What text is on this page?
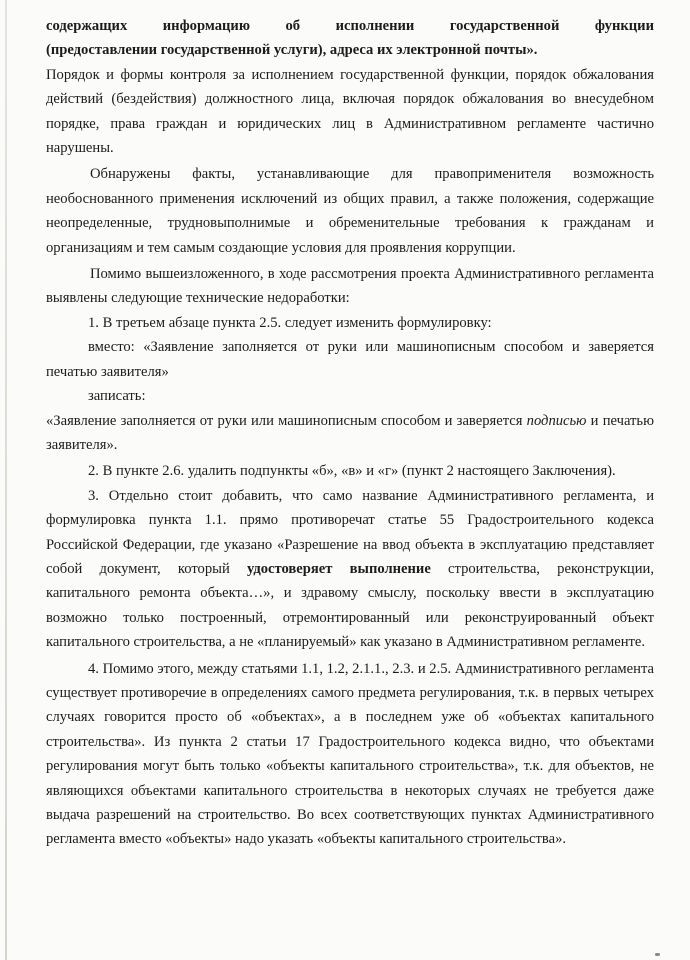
содержащих информацию об исполнении государственной функции

(предоставлении государственной услуги), адреса их электронной почты».

Порядок и формы контроля за исполнением государственной функции, порядок обжалования действий (бездействия) должностного лица, включая порядок обжалования во внесудебном порядке, права граждан и юридических лиц в Административном регламенте частично нарушены.

Обнаружены факты, устанавливающие для правоприменителя возможность необоснованного применения исключений из общих правил, а также положения, содержащие неопределенные, трудновыполнимые и обременительные требования к гражданам и организациям и тем самым создающие условия для проявления коррупции.

Помимо вышеизложенного, в ходе рассмотрения проекта Административного регламента выявлены следующие технические недоработки:

1. В третьем абзаце пункта 2.5. следует изменить формулировку:

вместо: «Заявление заполняется от руки или машинописным способом и заверяется печатью заявителя»

записать:

«Заявление заполняется от руки или машинописным способом и заверяется подписью и печатью заявителя».

2. В пункте 2.6. удалить подпункты «б», «в» и «г» (пункт 2 настоящего Заключения).

3. Отдельно стоит добавить, что само название Административного регламента, и формулировка пункта 1.1. прямо противоречат статье 55 Градостроительного кодекса Российской Федерации, где указано «Разрешение на ввод объекта в эксплуатацию представляет собой документ, который удостоверяет выполнение строительства, реконструкции, капитального ремонта объекта…», и здравому смыслу, поскольку ввести в эксплуатацию возможно только построенный, отремонтированный или реконструированный объект капитального строительства, а не «планируемый» как указано в Административном регламенте.

4. Помимо этого, между статьями 1.1, 1.2, 2.1.1., 2.3. и 2.5. Административного регламента существует противоречие в определениях самого предмета регулирования, т.к. в первых четырех случаях говорится просто об «объектах», а в последнем уже об «объектах капитального строительства». Из пункта 2 статьи 17 Градостроительного кодекса видно, что объектами регулирования могут быть только «объекты капитального строительства», т.к. для объектов, не являющихся объектами капитального строительства в некоторых случаях не требуется даже выдача разрешений на строительство. Во всех соответствующих пунктах Административного регламента вместо «объекты» надо указать «объекты капитального строительства».
